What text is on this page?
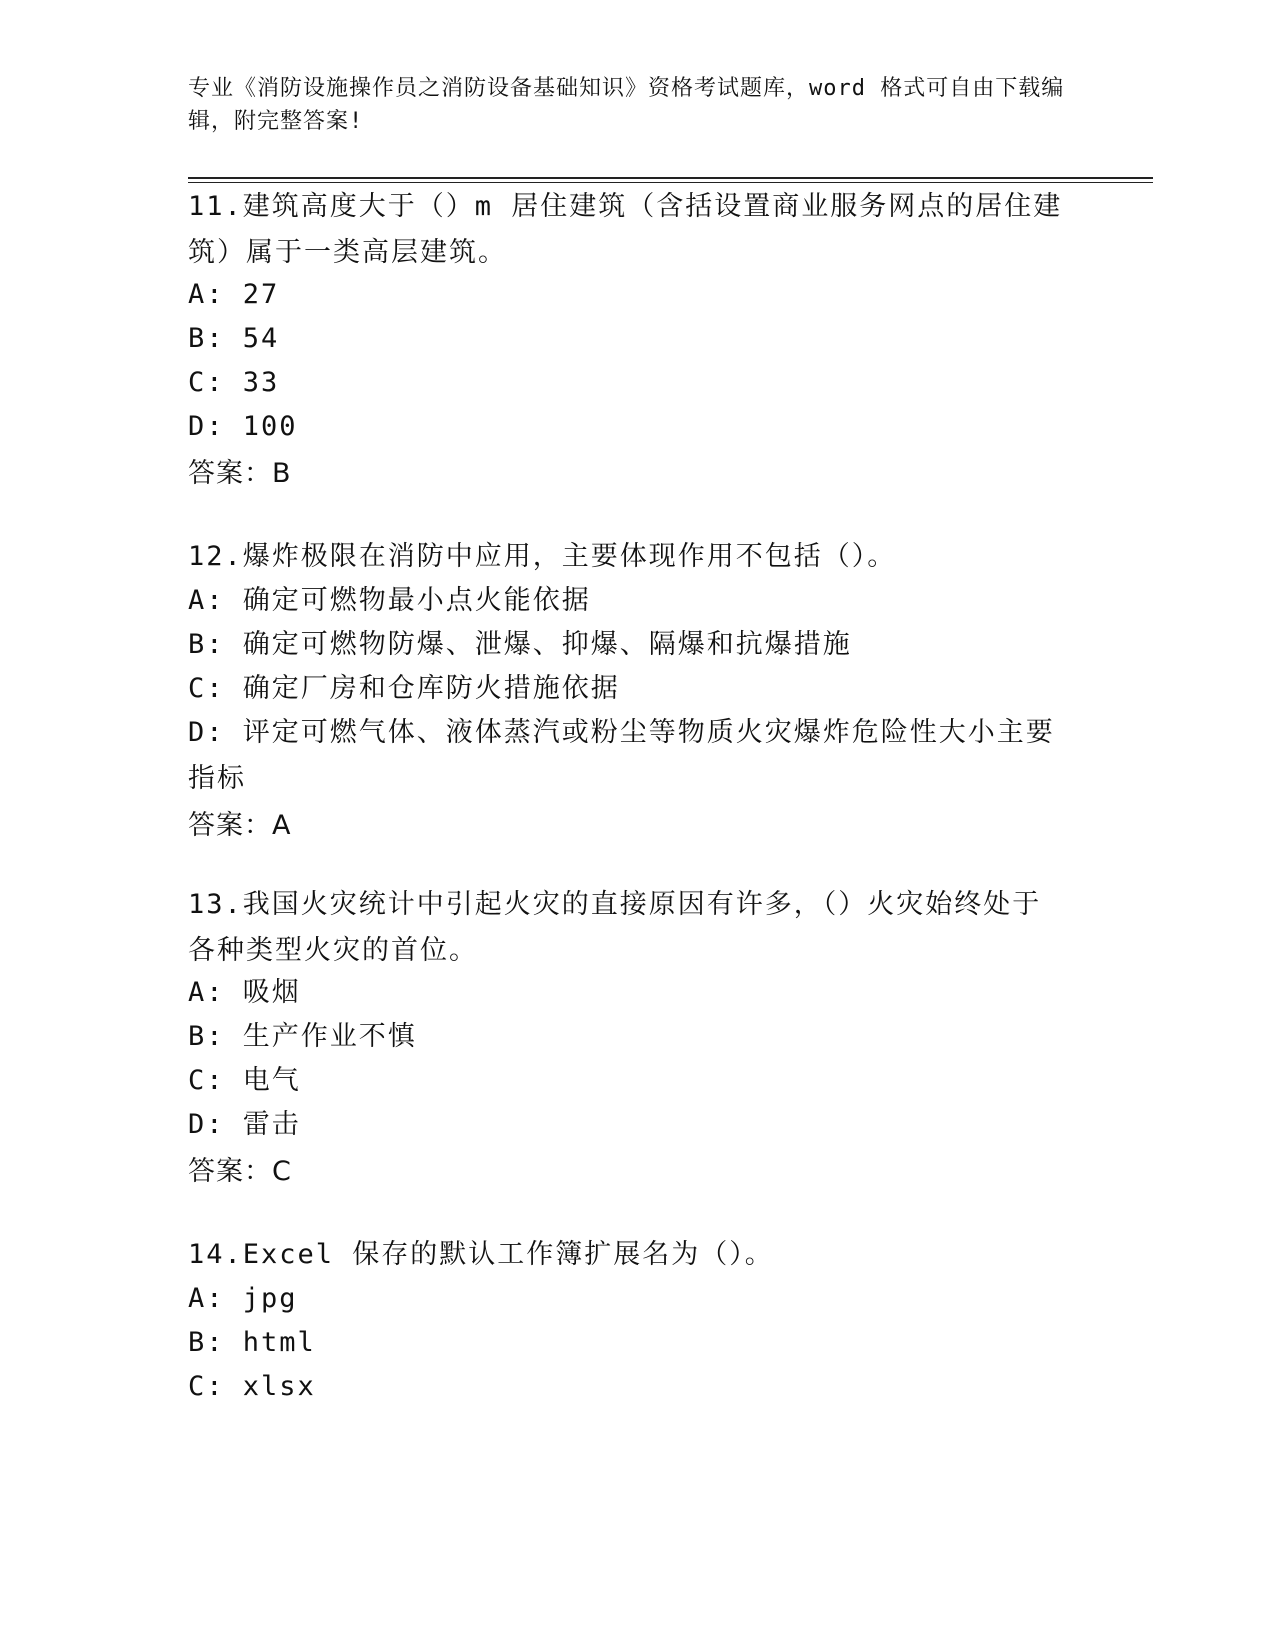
专业《消防设施操作员之消防设备基础知识》资格考试题库，word 格式可自由下载编辑，附完整答案!
11.建筑高度大于（）m 居住建筑（含括设置商业服务网点的居住建筑）属于一类高层建筑。
A: 27
B: 54
C: 33
D: 100
答案：B
12.爆炸极限在消防中应用，主要体现作用不包括（）。
A: 确定可燃物最小点火能依据
B: 确定可燃物防爆、泄爆、抑爆、隔爆和抗爆措施
C: 确定厂房和仓库防火措施依据
D: 评定可燃气体、液体蒸汽或粉尘等物质火灾爆炸危险性大小主要指标
答案：A
13.我国火灾统计中引起火灾的直接原因有许多，（）火灾始终处于各种类型火灾的首位。
A: 吸烟
B: 生产作业不慎
C: 电气
D: 雷击
答案：C
14.Excel 保存的默认工作簿扩展名为（）。
A: jpg
B: html
C: xlsx
